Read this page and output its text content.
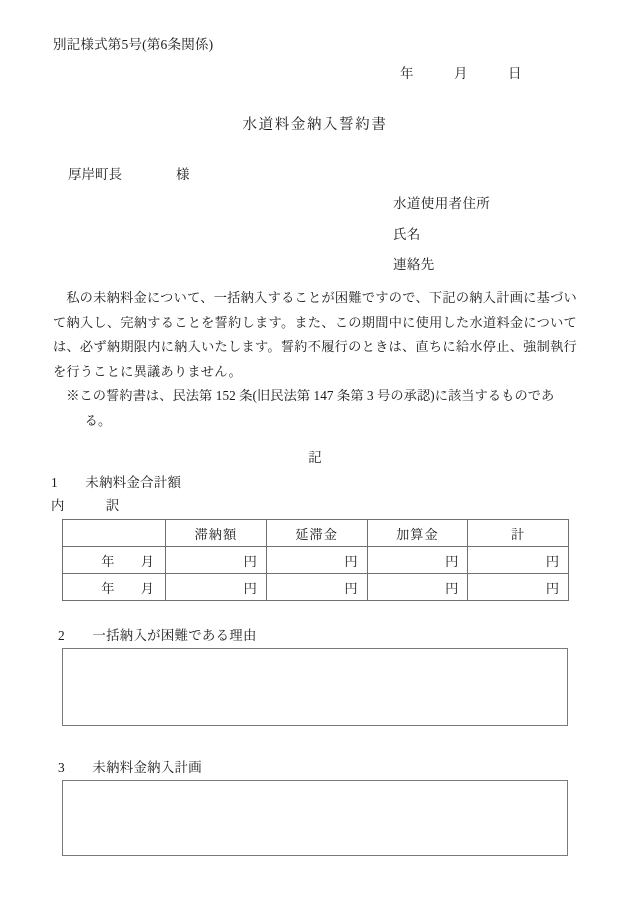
別記様式第5号(第6条関係)
年　　　月　　　日
水道料金納入誓約書
厚岸町長　　　　様
水道使用者住所
氏名
連絡先

私の未納料金について、一括納入することが困難ですので、下記の納入計画に基づいて納入し、完納することを誓約します。また、この期間中に使用した水道料金については、必ず納期限内に納入いたします。誓約不履行のときは、直ちに給水停止、強制執行を行うことに異議ありません。

※この誓約書は、民法第 152 条(旧民法第 147 条第 3 号の承認)に該当するものであ
る。

記
1　　未納料金合計額
内　　　訳
	滞納額	延滞金	加算金	計
年　　月	円	円	円	円
年　　月	円	円	円	円
2　　一括納入が困難である理由
3　　未納料金納入計画
